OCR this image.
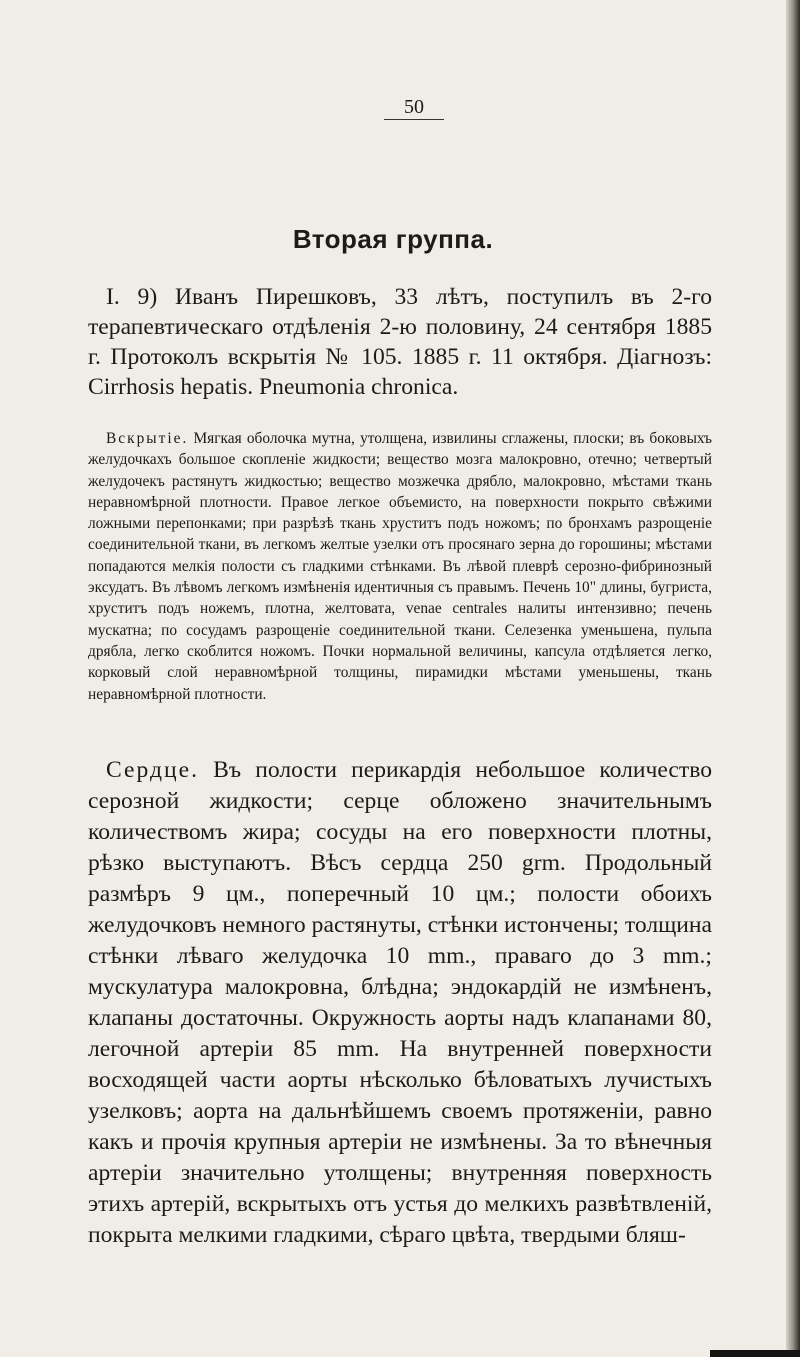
50
Вторая группа.

I. 9) Иванъ Пирешковъ, 33 лѣтъ, поступилъ въ 2-го терапевтическаго отдѣленія 2-ю половину, 24 сентября 1885 г. Протоколъ вскрытія № 105. 1885 г. 11 октября. Діагнозъ: Cirrhosis hepatis. Pneumonia chronica.

Вскрытіе. Мягкая оболочка мутна, утолщена, извилины сглажены, плоски; въ боковыхъ желудочкахъ большое скопленіе жидкости; вещество мозга малокровно, отечно; четвертый желудочекъ растянутъ жидкостью; вещество мозжечка дрябло, малокровно, мѣстами ткань неравномѣрной плотности. Правое легкое объемисто, на поверхности покрыто свѣжими ложными перепонками; при разрѣзѣ ткань хруститъ подъ ножомъ; по бронхамъ разрощеніе соединительной ткани, въ легкомъ желтые узелки отъ просянаго зерна до горошины; мѣстами попадаются мелкія полости съ гладкими стѣнками. Въ лѣвой плеврѣ серозно-фибринозный эксудатъ. Въ лѣвомъ легкомъ измѣненія идентичныя съ правымъ. Печень 10" длины, бугриста, хруститъ подъ ножемъ, плотна, желтовата, venae centrales налиты интензивно; печень мускатна; по сосудамъ разрощеніе соединительной ткани. Селезенка уменьшена, пульпа дрябла, легко скоблится ножомъ. Почки нормальной величины, капсула отдѣляется легко, корковый слой неравномѣрной толщины, пирамидки мѣстами уменьшены, ткань неравномѣрной плотности.

Сердце. Въ полости перикардія небольшое количество серозной жидкости; серце обложено значительнымъ количествомъ жира; сосуды на его поверхности плотны, рѣзко выступаютъ. Вѣсъ сердца 250 grm. Продольный размѣръ 9 цм., поперечный 10 цм.; полости обоихъ желудочковъ немного растянуты, стѣнки истончены; толщина стѣнки лѣваго желудочка 10 mm., праваго до 3 mm.; мускулатура малокровна, блѣдна; эндокардій не измѣненъ, клапаны достаточны. Окружность аорты надъ клапанами 80, легочной артеріи 85 mm. На внутренней поверхности восходящей части аорты нѣсколько бѣловатыхъ лучистыхъ узелковъ; аорта на дальнѣйшемъ своемъ протяженіи, равно какъ и прочія крупныя артеріи не измѣнены. За то вѣнечныя артеріи значительно утолщены; внутренняя поверхность этихъ артерій, вскрытыхъ отъ устья до мелкихъ развѣтвленій, покрыта мелкими гладкими, сѣраго цвѣта, твердыми бляш-
